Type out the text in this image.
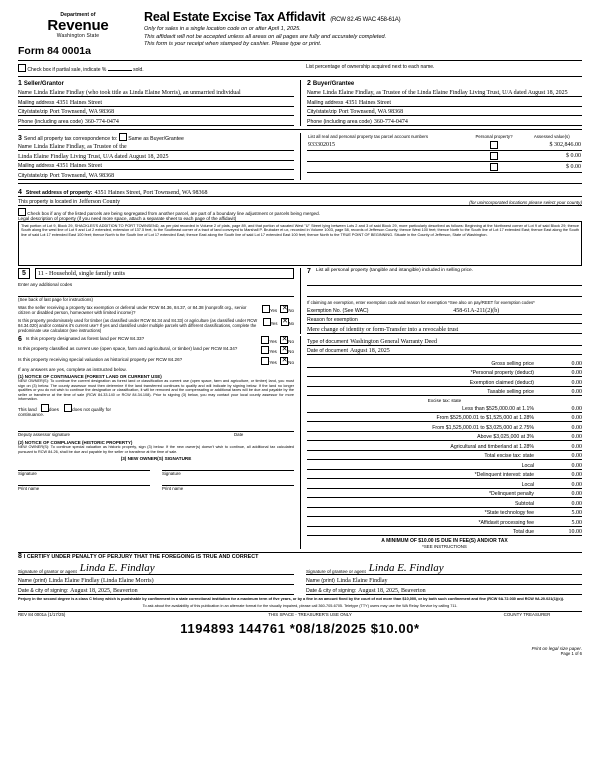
Department of
Revenue
Washington State
Form 84 0001a
Real Estate Excise Tax Affidavit (RCW 82.45 WAC 458-61A)
Only for sales in a single location code on or after April 1, 2025.
This affidavit will not be accepted unless all areas on all pages are fully and accurately completed.
This form is your receipt when stamped by cashier. Please type or print.
Check box if partial sale, indicate %	sold.	List percentage of ownership acquired next to each name.
1 Seller/Grantor
Name Linda Elaine Findlay (who took title as Linda Elaine Morris), an unmarried individual
Mailing address 4351 Haines Street
City/state/zip Port Townsend, WA 98368
Phone (including area code) 360-774-0474
2 Buyer/Grantee
Name Linda Elaine Findlay, as Trustee of the Linda Elaine Findlay Living Trust, U/A dated August 18, 2025
Mailing address 4351 Haines Street
City/state/zip Port Townsend, WA 98368
Phone (including area code) 360-774-0474
3 Send all property tax correspondence to: Same as Buyer/Grantee
Name Linda Elaine Findlay, as Trustee of the
Linda Elaine Findlay Living Trust, U/A dated August 18, 2025
Mailing address 4351 Haines Street
City/state/zip Port Townsend, WA 98368
List all real and personal property tax parcel account numbers	Personal property?	Assessed value(s)
933302015		$ 302,846.00
		$ 0.00
		$ 0.00
4 Street address of property: 4351 Haines Street, Port Townsend, WA 98368
This property is located in Jefferson County	(for unincorporated locations please select your county)
Check box if any of the listed parcels are being segregated from another parcel, are part of a boundary line adjustment or parcels being merged.
Legal description of property (if you need more space, attach a separate sheet to each page of the affidavit)
That portion of Lot 9, Block 29, SHACKLES'S ADDITION TO PORT TOWNSEND, as per plat recorded in Volume 2 of plats, page 89, and that portion of vacated West "U" Street lying between Lots 2 and 3 of said Block 29, more particularly described as follows: Beginning at the Northwest corner of Lot 9 of said Block 29; thence South along the west line of Lot 9 and Lot 2 extended, extension of 137.5 feet, to the Southeast corner of a tract of land conveyed to Marshall P. Brubaker et ux, recorded in Volume 1003, page 58, records of Jefferson County; thence West 100 feet; thence North to the South line of Lot 17 extended East; thence East along the South line of said Lot 17 extended East 100 feet; thence North to the South line of Lot 17 extended East; thence East along the South line of said Lot 17 extended East 100 feet; thence North to the TRUE POINT OF BEGINNING. Situate in the County of Jefferson, State of Washington.
5	11 - Household, single family units
Enter any additional codes
(See back of last page for instructions)
Was the seller receiving a property tax exemption or deferral under RCW 84.36, 84.37, or 84.38 (nonprofit org., senior citizen or disabled person, homeowner with limited income)?	Yes ✕ No
Is this property predominately used for timber (as classified under RCW 84.34 and 84.33) or agriculture (as classified under RCW 84.34.020) and/or contains it's current use? If yes and classified under multiple parcels with different classifications, complete the predominate use calculator (see instructions)
Yes ✕ No
7 List all personal property (tangible and intangible) included in selling price.
If claiming an exemption, enter exemption code and reason for exemption *See also on pay/REET for exemption codes*
Exemption No. (See WAC)	458-61A-211(2)(b)
Reason for exemption
Mere change of identity or form-Transfer into a revocable trust
6 Is this property designated as forest land per RCW 84.33?
Yes ✕ No
Is this property classified as current use (open space, farm and agricultural, or timber) land per RCW 84.34?
Yes ✕ No
Is this property receiving special valuation as historical property per RCW 84.26?
Yes ✕ No
If any answers are yes, complete as instructed below.
(1) NOTICE OF CONTINUANCE (FOREST LAND OR CURRENT USE)
NEW OWNER(S): To continue the current designation as forest land or classification as current use (open space, farm and agriculture, or timber) land, you must sign on (3) below. The county assessor must then determine if the land transferred continues to qualify and will indicate by signing below. If the land no longer qualifies or you do not wish to continue the designation or classification, it will be removed and the compensating or additional taxes will be due and payable by the seller or transferor at the time of sale (RCW 84.33.140 or RCW 84.34.108). Prior to signing (3) below, you may contact your local county assessor for more information.
This land	does	does not qualify for
continuance.
Deputy assessor signature	Date
(2) NOTICE OF COMPLIANCE (HISTORIC PROPERTY)
NEW OWNER(S): To continue special valuation as historic property, sign (3) below. If the new owner(s) doesn't wish to continue, all additional tax calculated pursuant to RCW 84.26, shall be due and payable by the seller or transferor at the time of sale.
(3) NEW OWNER(S) SIGNATURE
Signature	Signature
Print name	Print name
Type of document Washington General Warranty Deed
Date of document August 18, 2025
Gross selling price	0.00
*Personal property (deduct)	0.00
Exemption claimed (deduct)	0.00
Taxable selling price	0.00
Excise tax: state
Less than $525,000.00 at 1.1%	0.00
From $525,000.01 to $1,525,000 at 1.28%	0.00
From $1,525,000.01 to $3,025,000 at 2.75%	0.00
Above $3,025,000 at 3%	0.00
Agricultural and timberland at 1.28%	0.00
Total excise tax: state	0.00
Local	0.00
*Delinquent interest: state	0.00
Local	0.00
*Delinquent penalty	0.00
Subtotal	0.00
*State technology fee	5.00
*Affidavit processing fee	5.00
Total due	10.00
A MINIMUM OF $10.00 IS DUE IN FEE(S) AND/OR TAX
*SEE INSTRUCTIONS
8 I CERTIFY UNDER PENALTY OF PERJURY THAT THE FOREGOING IS TRUE AND CORRECT
Signature of grantor or agent Linda E. Findlay
Name (print) Linda Elaine Findlay (Linda Elaine Morris)
Date & city of signing: August 18, 2025, Beaverton
Signature of grantee or agent Linda E. Findlay
Name (print) Linda Elaine Findlay
Date & city of signing: August 18, 2025, Beaverton
Perjury in the second degree is a class C felony which is punishable by confinement in a state correctional institution for a maximum term of five years, or by a fine in an amount fixed by the court of not more than $10,000, or by both such confinement and fine (RCW 9A.72.030 and RCW 9A.20.021(1)(c)).
To ask about the availability of this publication in an alternate format for the visually impaired, please call 360-705-6705. Teletype (TTY) users may use the WA Relay Service by calling 711.
REV 84 0001a (1/17/25)	THIS SPACE - TREASURER'S USE ONLY	COUNTY TREASURER
1194893 144761 *08/18/2025 $10.00*
Print on legal size paper.
Page 1 of 6
